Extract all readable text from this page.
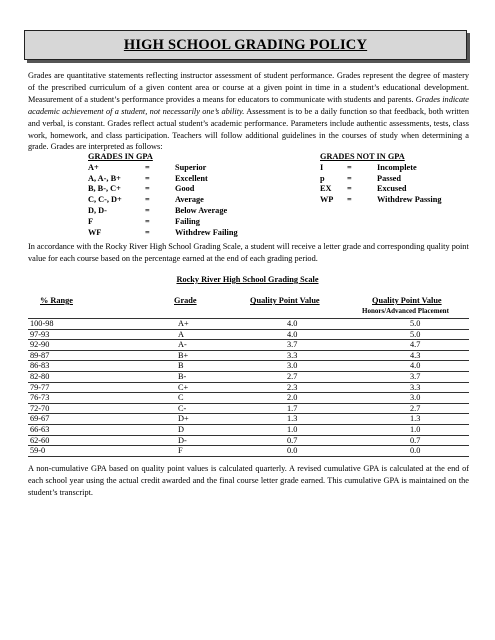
HIGH SCHOOL GRADING POLICY

Grades are quantitative statements reflecting instructor assessment of student performance. Grades represent the degree of mastery of the prescribed curriculum of a given content area or course at a given point in time in a student’s educational development. Measurement of a student’s performance provides a means for educators to communicate with students and parents. Grades indicate academic achievement of a student, not necessarily one’s ability. Assessment is to be a daily function so that feedback, both written and verbal, is constant. Grades reflect actual student’s academic performance. Parameters include authentic assessments, tests, class work, homework, and class participation. Teachers will follow additional guidelines in the courses of study when determining a grade. Grades are interpreted as follows:

GRADES IN GPA
A+	=	Superior
A, A-, B+	=	Excellent
B, B-, C+	=	Good
C, C-, D+	=	Average
D, D-	=	Below Average
F	=	Failing
WF	=	Withdrew Failing
GRADES NOT IN GPA
I	=	Incomplete
p	=	Passed
EX	=	Excused
WP	=	Withdrew Passing

In accordance with the Rocky River High School Grading Scale, a student will receive a letter grade and corresponding quality point value for each course based on the percentage earned at the end of each grading period.

Rocky River High School Grading Scale
% Range	Grade	Quality Point Value	Quality Point Value
Honors/Advanced Placement
100-98	A+	4.0	5.0
97-93	A	4.0	5.0
92-90	A-	3.7	4.7
89-87	B+	3.3	4.3
86-83	B	3.0	4.0
82-80	B-	2.7	3.7
79-77	C+	2.3	3.3
76-73	C	2.0	3.0
72-70	C-	1.7	2.7
69-67	D+	1.3	1.3
66-63	D	1.0	1.0
62-60	D-	0.7	0.7
59-0	F	0.0	0.0

A non-cumulative GPA based on quality point values is calculated quarterly. A revised cumulative GPA is calculated at the end of each school year using the actual credit awarded and the final course letter grade earned. This cumulative GPA is maintained on the student’s transcript.
